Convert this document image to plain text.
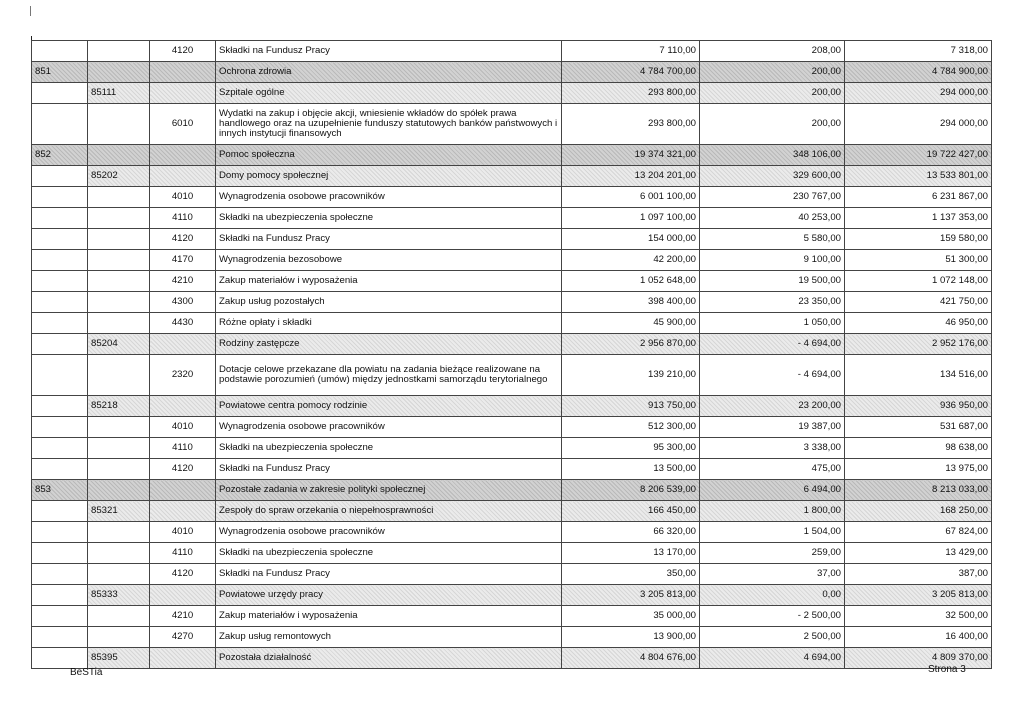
		4120	Składki na Fundusz Pracy	7 110,00	208,00	7 318,00
851			Ochrona zdrowia	4 784 700,00	200,00	4 784 900,00
	85111		Szpitale ogólne	293 800,00	200,00	294 000,00
		6010	Wydatki na zakup i objęcie akcji, wniesienie wkładów do spółek prawa handlowego oraz na uzupełnienie funduszy statutowych banków państwowych i innych instytucji finansowych	293 800,00	200,00	294 000,00
852			Pomoc społeczna	19 374 321,00	348 106,00	19 722 427,00
	85202		Domy pomocy społecznej	13 204 201,00	329 600,00	13 533 801,00
		4010	Wynagrodzenia osobowe pracowników	6 001 100,00	230 767,00	6 231 867,00
		4110	Składki na ubezpieczenia społeczne	1 097 100,00	40 253,00	1 137 353,00
		4120	Składki na Fundusz Pracy	154 000,00	5 580,00	159 580,00
		4170	Wynagrodzenia bezosobowe	42 200,00	9 100,00	51 300,00
		4210	Zakup materiałów i wyposażenia	1 052 648,00	19 500,00	1 072 148,00
		4300	Zakup usług pozostałych	398 400,00	23 350,00	421 750,00
		4430	Różne opłaty i składki	45 900,00	1 050,00	46 950,00
	85204		Rodziny zastępcze	2 956 870,00	- 4 694,00	2 952 176,00
		2320	Dotacje celowe przekazane dla powiatu na zadania bieżące realizowane na podstawie porozumień (umów) między jednostkami samorządu terytorialnego	139 210,00	- 4 694,00	134 516,00
	85218		Powiatowe centra pomocy rodzinie	913 750,00	23 200,00	936 950,00
		4010	Wynagrodzenia osobowe pracowników	512 300,00	19 387,00	531 687,00
		4110	Składki na ubezpieczenia społeczne	95 300,00	3 338,00	98 638,00
		4120	Składki na Fundusz Pracy	13 500,00	475,00	13 975,00
853			Pozostałe zadania w zakresie polityki społecznej	8 206 539,00	6 494,00	8 213 033,00
	85321		Zespoły do spraw orzekania o niepełnosprawności	166 450,00	1 800,00	168 250,00
		4010	Wynagrodzenia osobowe pracowników	66 320,00	1 504,00	67 824,00
		4110	Składki na ubezpieczenia społeczne	13 170,00	259,00	13 429,00
		4120	Składki na Fundusz Pracy	350,00	37,00	387,00
	85333		Powiatowe urzędy pracy	3 205 813,00	0,00	3 205 813,00
		4210	Zakup materiałów i wyposażenia	35 000,00	- 2 500,00	32 500,00
		4270	Zakup usług remontowych	13 900,00	2 500,00	16 400,00
	85395		Pozostała działalność	4 804 676,00	4 694,00	4 809 370,00
BeSTia	Strona 3
